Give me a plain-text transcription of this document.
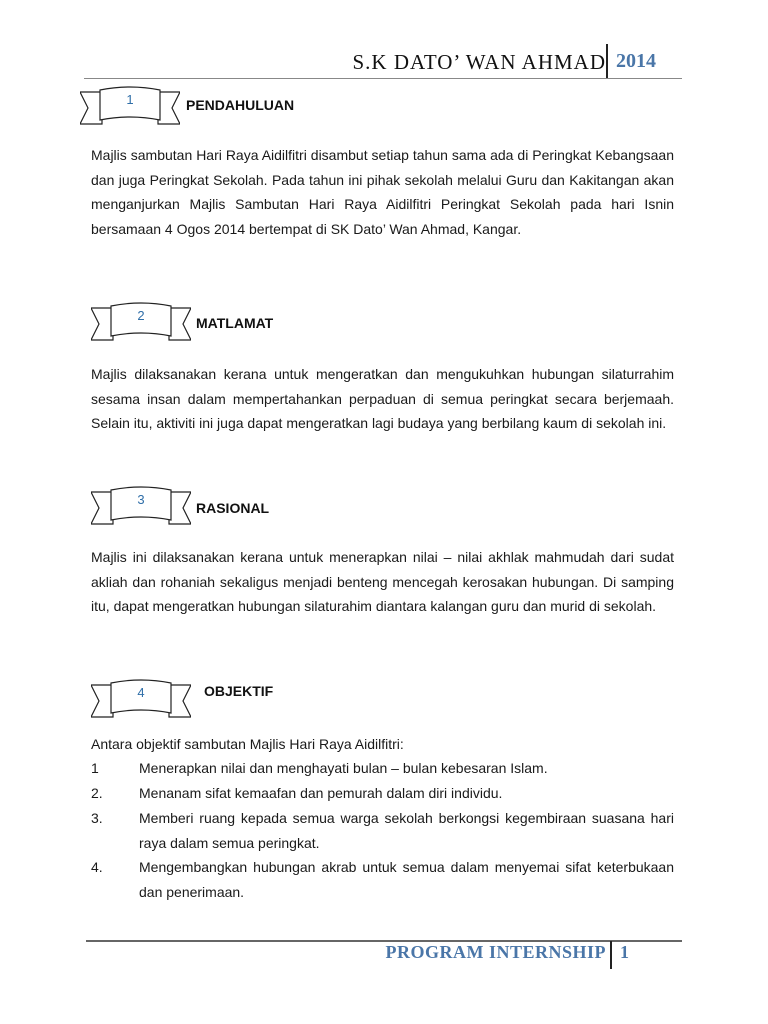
S.K DATO’ WAN AHMAD 2014
1	PENDAHULUAN
Majlis sambutan Hari Raya Aidilfitri disambut setiap tahun sama ada di Peringkat Kebangsaan dan juga Peringkat Sekolah. Pada tahun ini pihak sekolah melalui Guru dan Kakitangan akan menganjurkan Majlis Sambutan Hari Raya Aidilfitri Peringkat Sekolah pada hari Isnin bersamaan 4 Ogos 2014 bertempat di SK Dato’ Wan Ahmad, Kangar.
2	MATLAMAT
Majlis dilaksanakan kerana untuk mengeratkan dan mengukuhkan hubungan silaturrahim sesama insan dalam mempertahankan perpaduan di semua peringkat secara berjemaah. Selain itu, aktiviti ini juga dapat mengeratkan lagi budaya yang berbilang kaum di sekolah ini.
3
RASIONAL
Majlis ini dilaksanakan kerana untuk menerapkan nilai – nilai akhlak mahmudah dari sudat akliah dan rohaniah sekaligus menjadi benteng mencegah kerosakan hubungan. Di samping itu, dapat mengeratkan hubungan silaturahim diantara kalangan guru dan murid di sekolah.
4	OBJEKTIF
Antara objektif sambutan Majlis Hari Raya Aidilfitri:
1	Menerapkan nilai dan menghayati bulan – bulan kebesaran Islam.
2.	Menanam sifat kemaafan dan pemurah dalam diri individu.
3.	Memberi ruang kepada semua warga sekolah berkongsi kegembiraan suasana hari raya dalam semua peringkat.
4.	Mengembangkan hubungan akrab untuk semua dalam menyemai sifat keterbukaan dan penerimaan.
PROGRAM INTERNSHIP 1
